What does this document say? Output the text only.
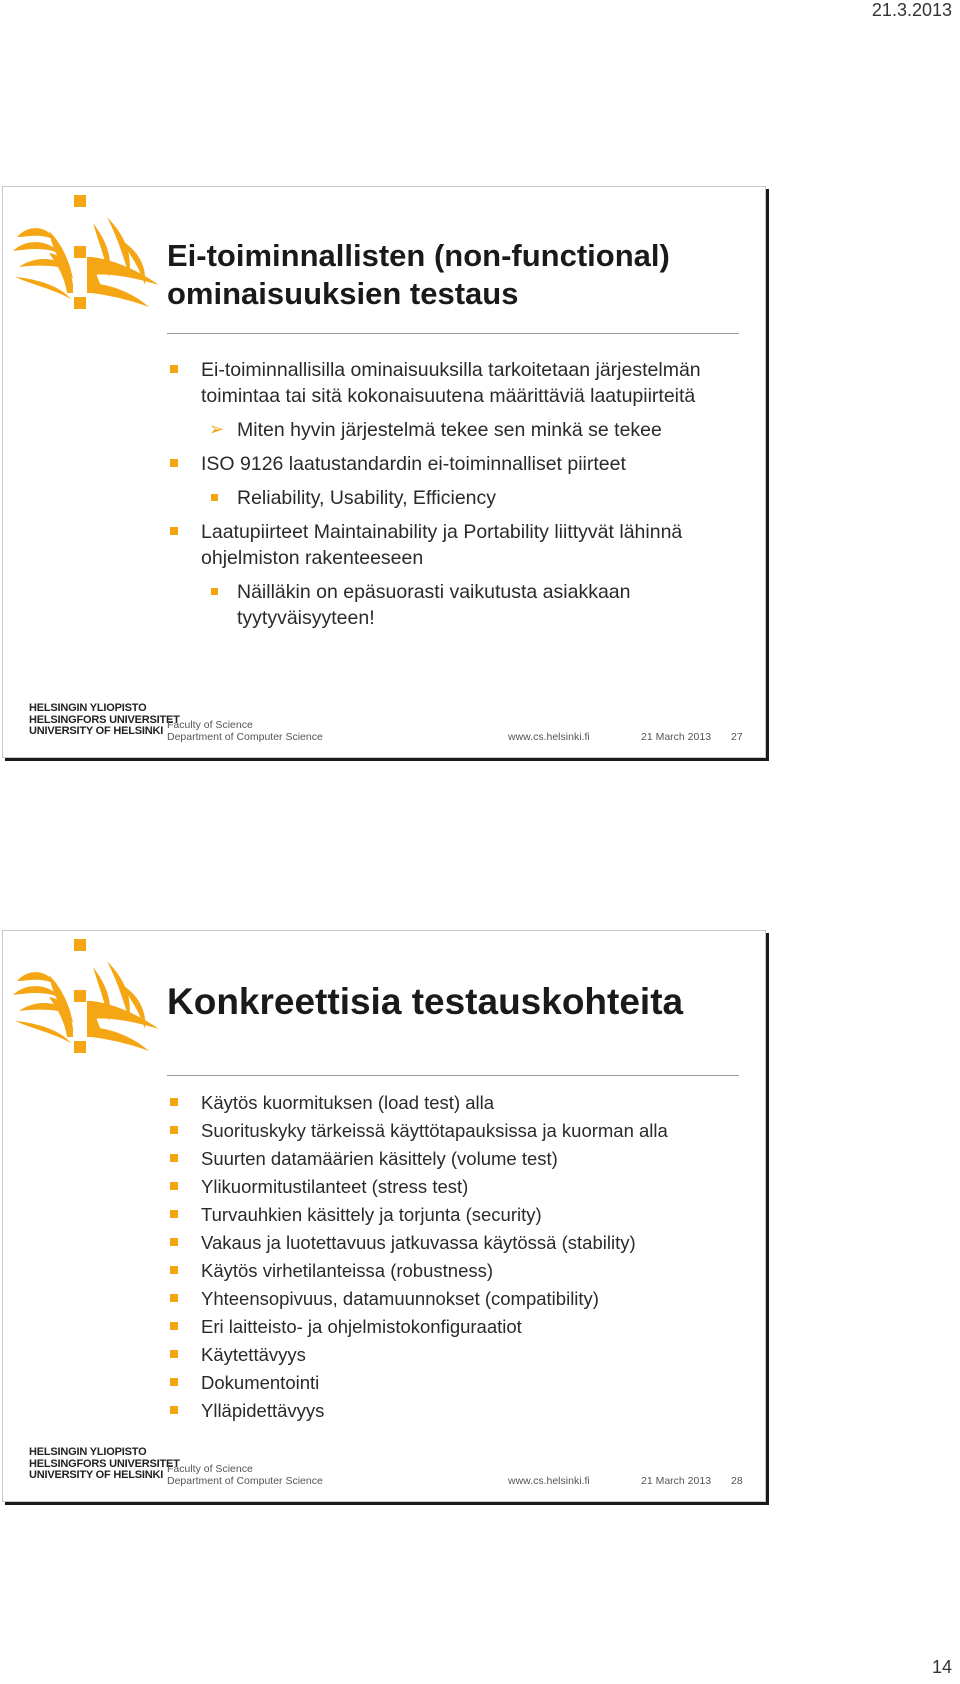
21.3.2013
Ei-toiminnallisten (non-functional) ominaisuuksien testaus
Ei-toiminnallisilla ominaisuuksilla tarkoitetaan järjestelmän toimintaa tai sitä kokonaisuutena määrittäviä laatupiirteitä
➢ Miten hyvin järjestelmä tekee sen minkä se tekee
ISO 9126 laatustandardin ei-toiminnalliset piirteet
Reliability, Usability, Efficiency
Laatupiirteet Maintainability ja Portability liittyvät lähinnä ohjelmiston rakenteeseen
Näilläkin on epäsuorasti vaikutusta asiakkaan tyytyväisyyteen!
HELSINGIN YLIOPISTO
HELSINGFORS UNIVERSITET
UNIVERSITY OF HELSINKI Faculty of Science
Department of Computer Science	www.cs.helsinki.fi	21 March 2013 27
Konkreettisia testauskohteita
Käytös kuormituksen (load test) alla
Suorituskyky tärkeissä käyttötapauksissa ja kuorman alla
Suurten datamäärien käsittely (volume test)
Ylikuormitustilanteet (stress test)
Turvauhkien käsittely ja torjunta (security)
Vakaus ja luotettavuus jatkuvassa käytössä (stability)
Käytös virhetilanteissa (robustness)
Yhteensopivuus, datamuunnokset (compatibility)
Eri laitteisto- ja ohjelmistokonfiguraatiot
Käytettävyys
Dokumentointi
Ylläpidettävyys
HELSINGIN YLIOPISTO
HELSINGFORS UNIVERSITET
UNIVERSITY OF HELSINKI Faculty of Science
Department of Computer Science	www.cs.helsinki.fi	21 March 2013 28
14
